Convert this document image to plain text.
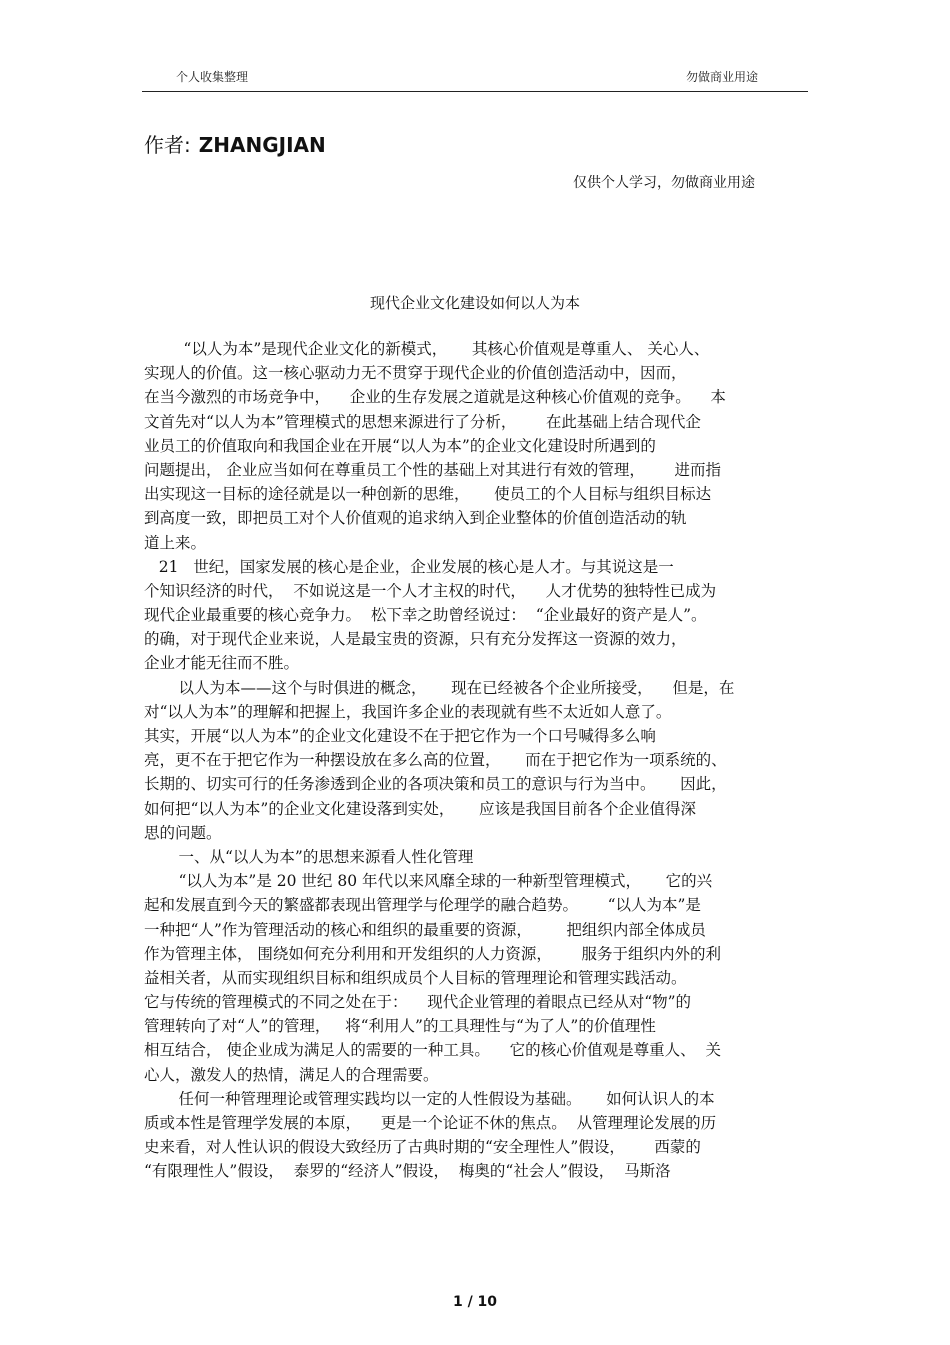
个人收集整理	勿做商业用途
作者: ZHANGJIAN
仅供个人学习，勿做商业用途
现代企业文化建设如何以人为本
“以人为本”是现代企业文化的新模式，     其核心价值观是尊重人、 关心人、
实现人的价值。这一核心驱动力无不贯穿于现代企业的价值创造活动中，因而，
在当今激烈的市场竞争中，    企业的生存发展之道就是这种核心价值观的竞争。    本
文首先对“以人为本”管理模式的思想来源进行了分析，      在此基础上结合现代企
业员工的价值取向和我国企业在开展“以人为本”的企业文化建设时所遇到的
问题提出， 企业应当如何在尊重员工个性的基础上对其进行有效的管理，      进而指
出实现这一目标的途径就是以一种创新的思维，     使员工的个人目标与组织目标达
到高度一致，即把员工对个人价值观的追求纳入到企业整体的价值创造活动的轨
道上来。
21   世纪，国家发展的核心是企业，企业发展的核心是人才。与其说这是一
个知识经济的时代，  不如说这是一个人才主权的时代，    人才优势的独特性已成为
现代企业最重要的核心竞争力。  松下幸之助曾经说过：  “企业最好的资产是人”。
的确，对于现代企业来说，人是最宝贵的资源，只有充分发挥这一资源的效力，
企业才能无往而不胜。
以人为本——这个与时俱进的概念，     现在已经被各个企业所接受，    但是，在
对“以人为本”的理解和把握上，我国许多企业的表现就有些不太近如人意了。
其实，开展“以人为本”的企业文化建设不在于把它作为一个口号喊得多么响
亮，更不在于把它作为一种摆设放在多么高的位置，     而在于把它作为一项系统的、
长期的、切实可行的任务渗透到企业的各项决策和员工的意识与行为当中。     因此，
如何把“以人为本”的企业文化建设落到实处，     应该是我国目前各个企业值得深
思的问题。
一、从“以人为本”的思想来源看人性化管理
“以人为本”是 20 世纪 80 年代以来风靡全球的一种新型管理模式，     它的兴
起和发展直到今天的繁盛都表现出管理学与伦理学的融合趋势。      “以人为本”是
一种把“人”作为管理活动的核心和组织的最重要的资源，       把组织内部全体成员
作为管理主体， 围绕如何充分利用和开发组织的人力资源，      服务于组织内外的利
益相关者，从而实现组织目标和组织成员个人目标的管理理论和管理实践活动。
它与传统的管理模式的不同之处在于：    现代企业管理的着眼点已经从对“物”的
管理转向了对“人”的管理，   将“利用人”的工具理性与“为了人”的价值理性
相互结合， 使企业成为满足人的需要的一种工具。    它的核心价值观是尊重人、  关
心人，激发人的热情，满足人的合理需要。
任何一种管理理论或管理实践均以一定的人性假设为基础。     如何认识人的本
质或本性是管理学发展的本原，    更是一个论证不休的焦点。  从管理理论发展的历
史来看，对人性认识的假设大致经历了古典时期的“安全理性人”假设，      西蒙的
“有限理性人”假设，  泰罗的“经济人”假设，  梅奥的“社会人”假设，  马斯洛
1 / 10
